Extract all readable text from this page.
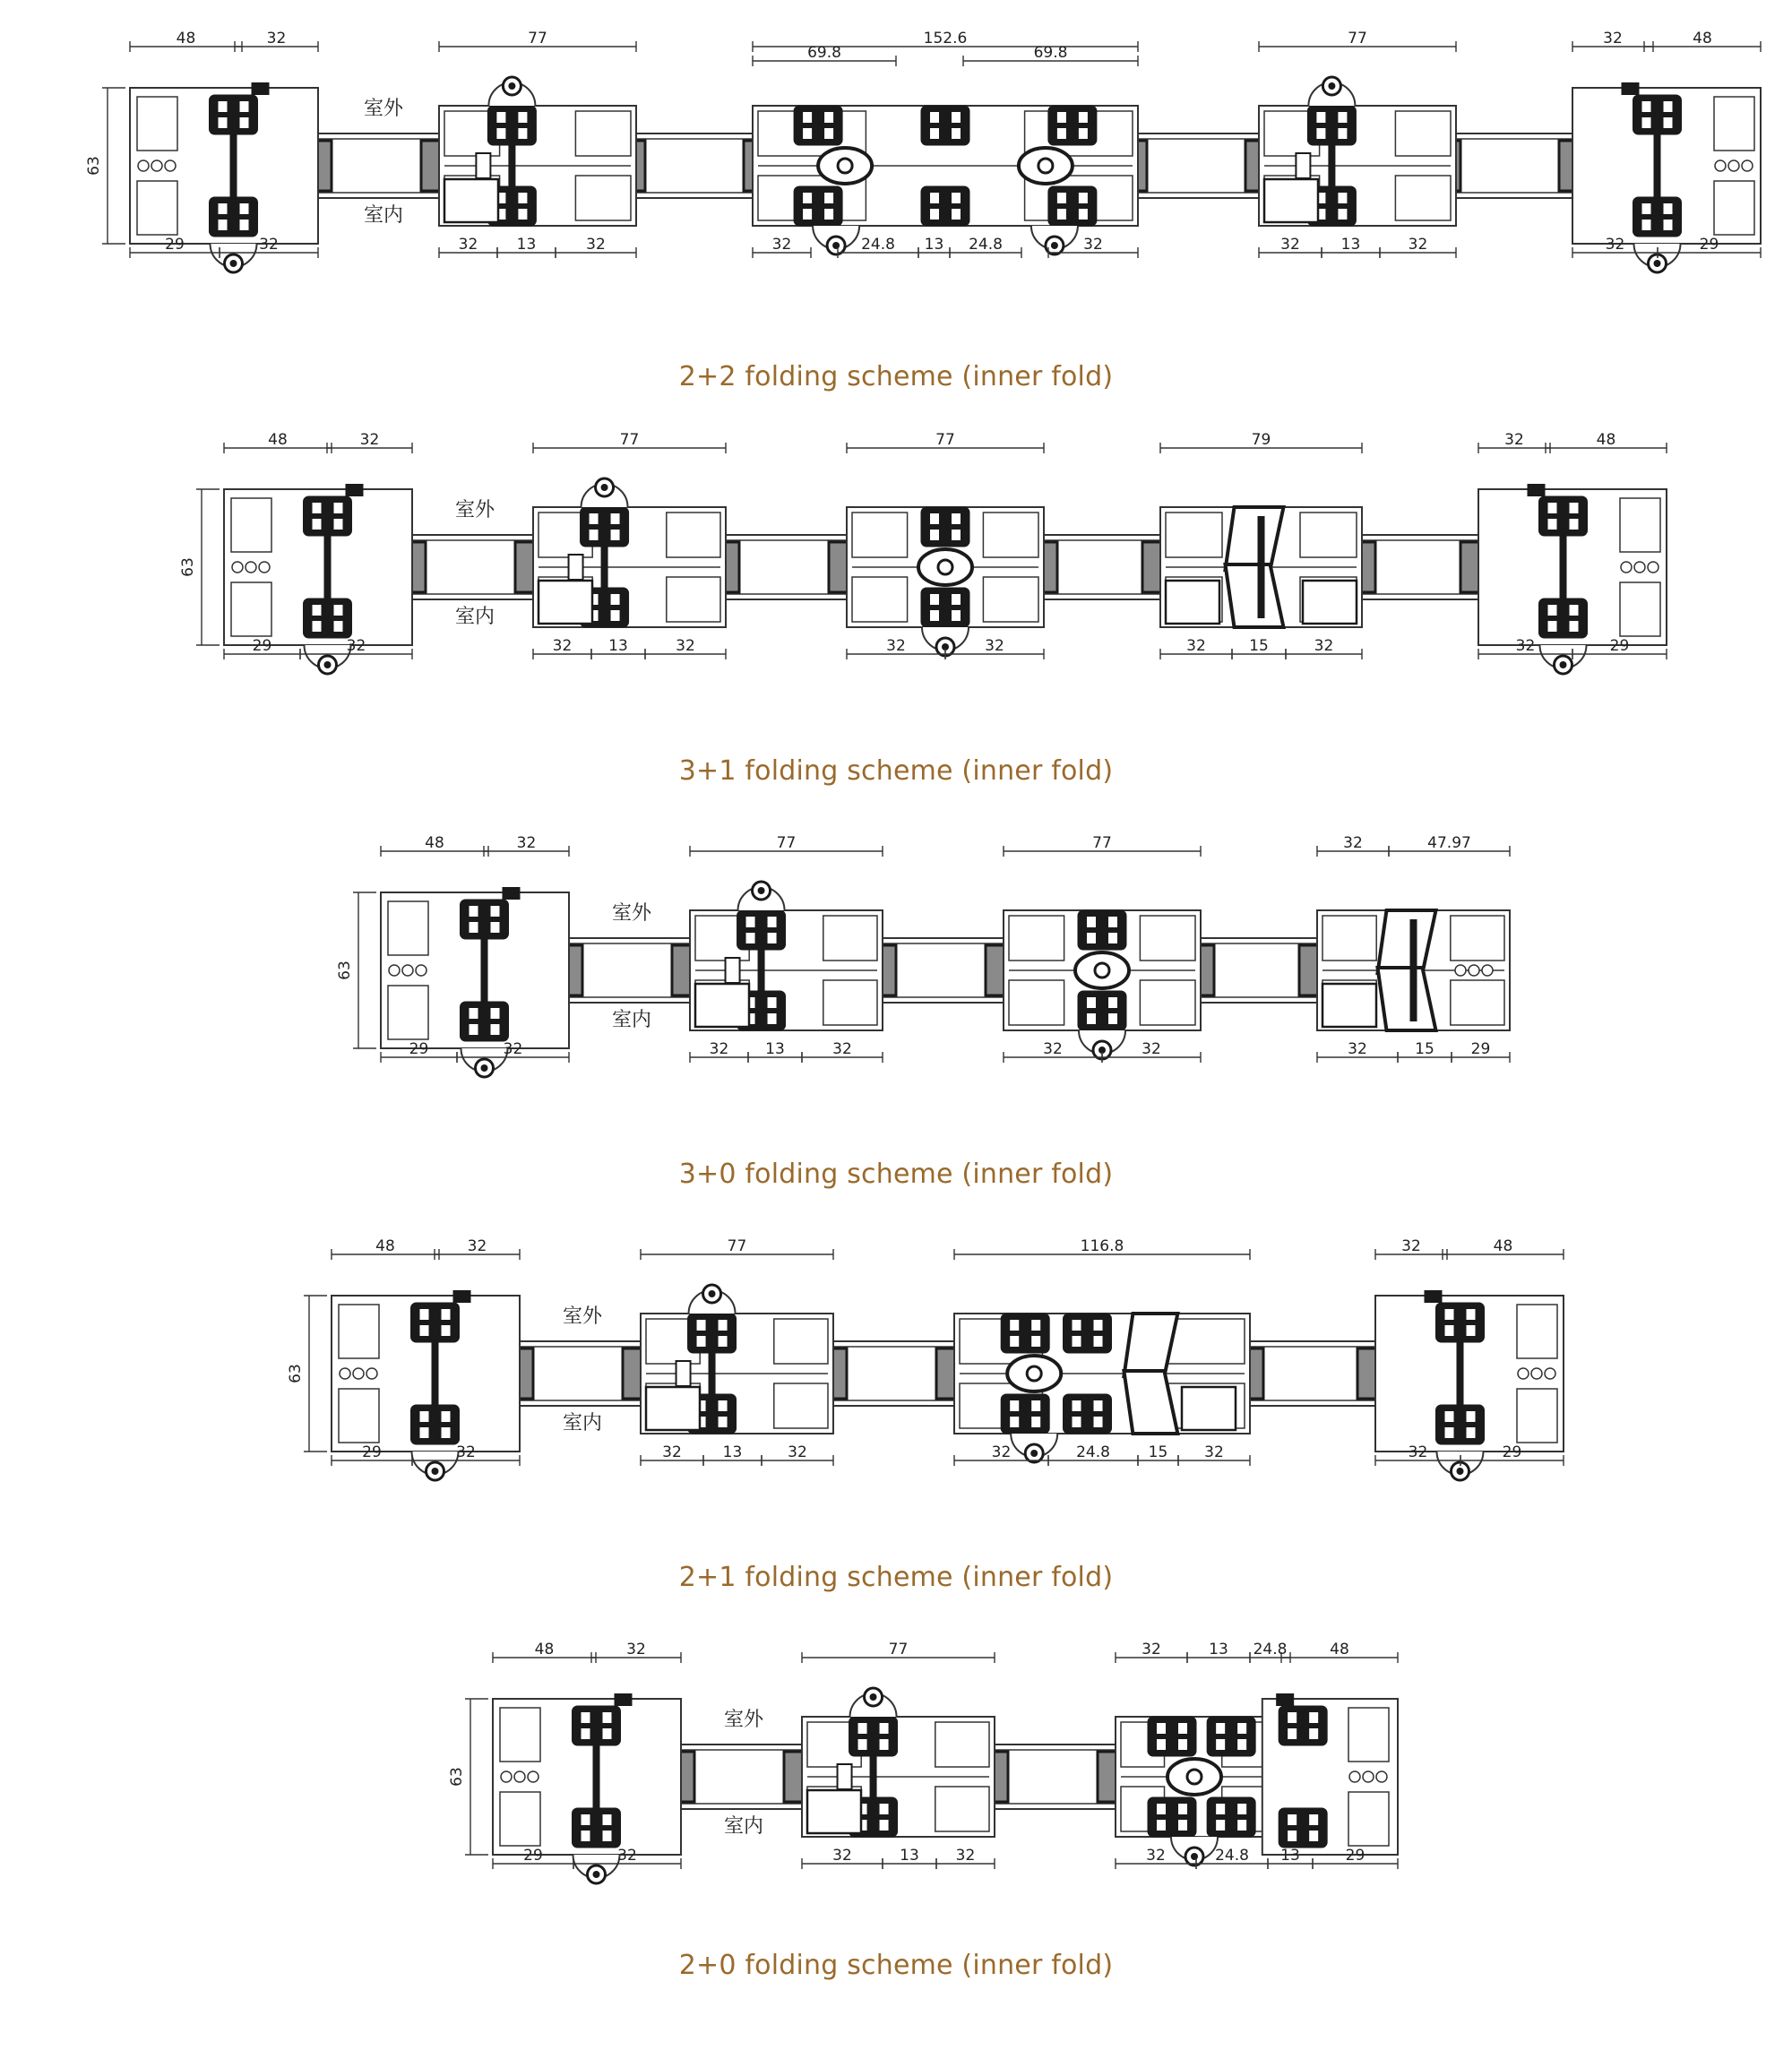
63
48	32	77	152.6
69.8	69.8
77	32	48
29	32	32	13	32	32	24.8 13 24.8	32	32	13	32	32	29
室外
室内
2+2 folding scheme (inner fold)
63
48	32	77	77	79	32	48
29	32	32 13	32	32	32	32	15	32	32	29
室外
室内
3+1 folding scheme (inner fold)
63
48	32	77	77	32	47.97
29	32	32 13	32	32	32	32	15 29
室外
室内
3+0 folding scheme (inner fold)
63
48	32	77	116.8	32	48
29	32	32	13	32	32	24.8	15 32	32	29
室外
室内
2+1 folding scheme (inner fold)
63
48	32	77	32	13 24.8	48
29	32	32	13 32	32	24.8 13	29
室外
室内
2+0 folding scheme (inner fold)
